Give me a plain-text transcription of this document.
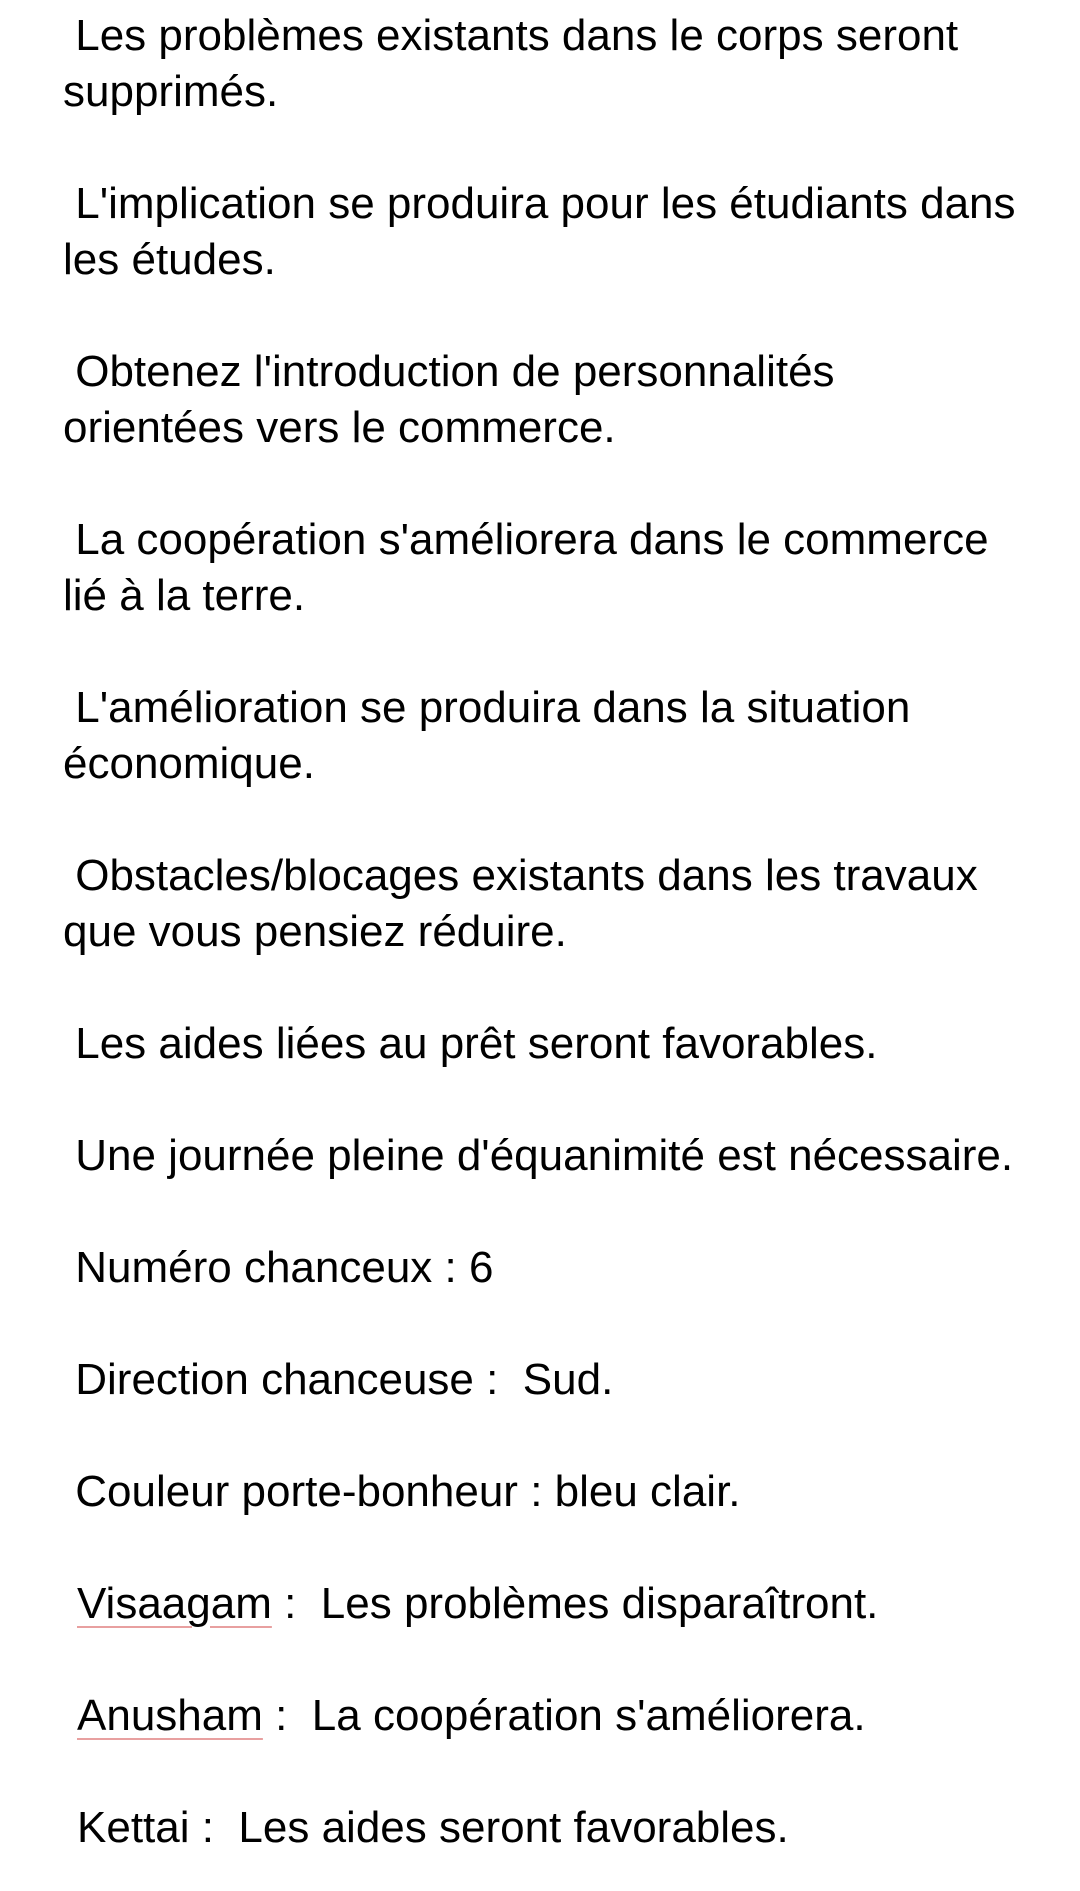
Les problèmes existants dans le corps seront supprimés.

L'implication se produira pour les étudiants dans les études.

Obtenez l'introduction de personnalités orientées vers le commerce.

La coopération s'améliorera dans le commerce lié à la terre.

L'amélioration se produira dans la situation économique.

Obstacles/blocages existants dans les travaux que vous pensiez réduire.

Les aides liées au prêt seront favorables.

Une journée pleine d'équanimité est nécessaire.

Numéro chanceux : 6

Direction chanceuse :  Sud.

Couleur porte-bonheur : bleu clair.

Visaagam :  Les problèmes disparaîtront.

Anusham :  La coopération s'améliorera.

Kettai :  Les aides seront favorables.
